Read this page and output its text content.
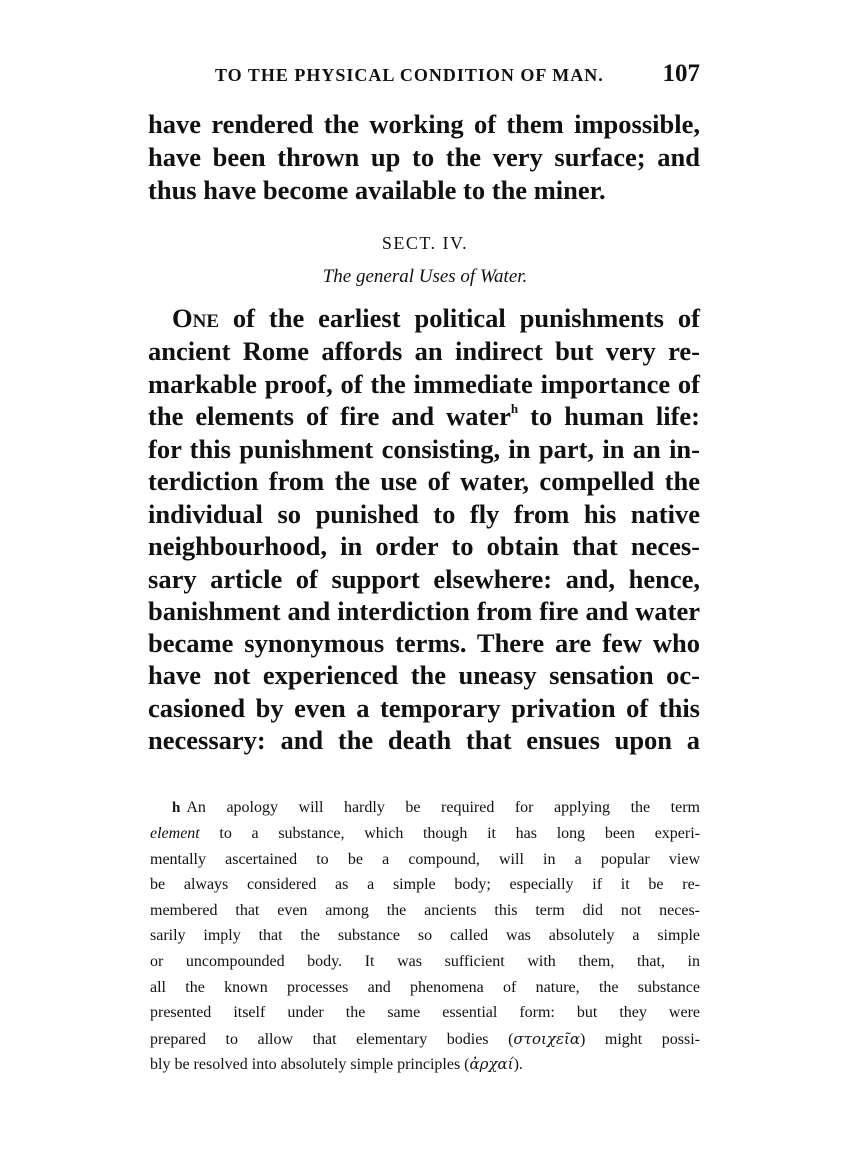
TO THE PHYSICAL CONDITION OF MAN. 107
have rendered the working of them impossible,
have been thrown up to the very surface; and
thus have become available to the miner.
SECT. IV.
The general Uses of Water.
One of the earliest political punishments of
ancient Rome affords an indirect but very re-
markable proof, of the immediate importance of
the elements of fire and water$^h$ to human life:
for this punishment consisting, in part, in an in-
terdiction from the use of water, compelled the
individual so punished to fly from his native
neighbourhood, in order to obtain that neces-
sary article of support elsewhere: and, hence,
banishment and interdiction from fire and water
became synonymous terms. There are few who
have not experienced the uneasy sensation oc-
casioned by even a temporary privation of this
necessary: and the death that ensues upon a
h An apology will hardly be required for applying the term
element to a substance, which though it has long been experi-
mentally ascertained to be a compound, will in a popular view
be always considered as a simple body; especially if it be re-
membered that even among the ancients this term did not neces-
sarily imply that the substance so called was absolutely a simple
or uncompounded body. It was sufficient with them, that, in
all the known processes and phenomena of nature, the substance
presented itself under the same essential form: but they were
prepared to allow that elementary bodies (στοιχεῖα) might possi-
bly be resolved into absolutely simple principles (ἀρχαί).
